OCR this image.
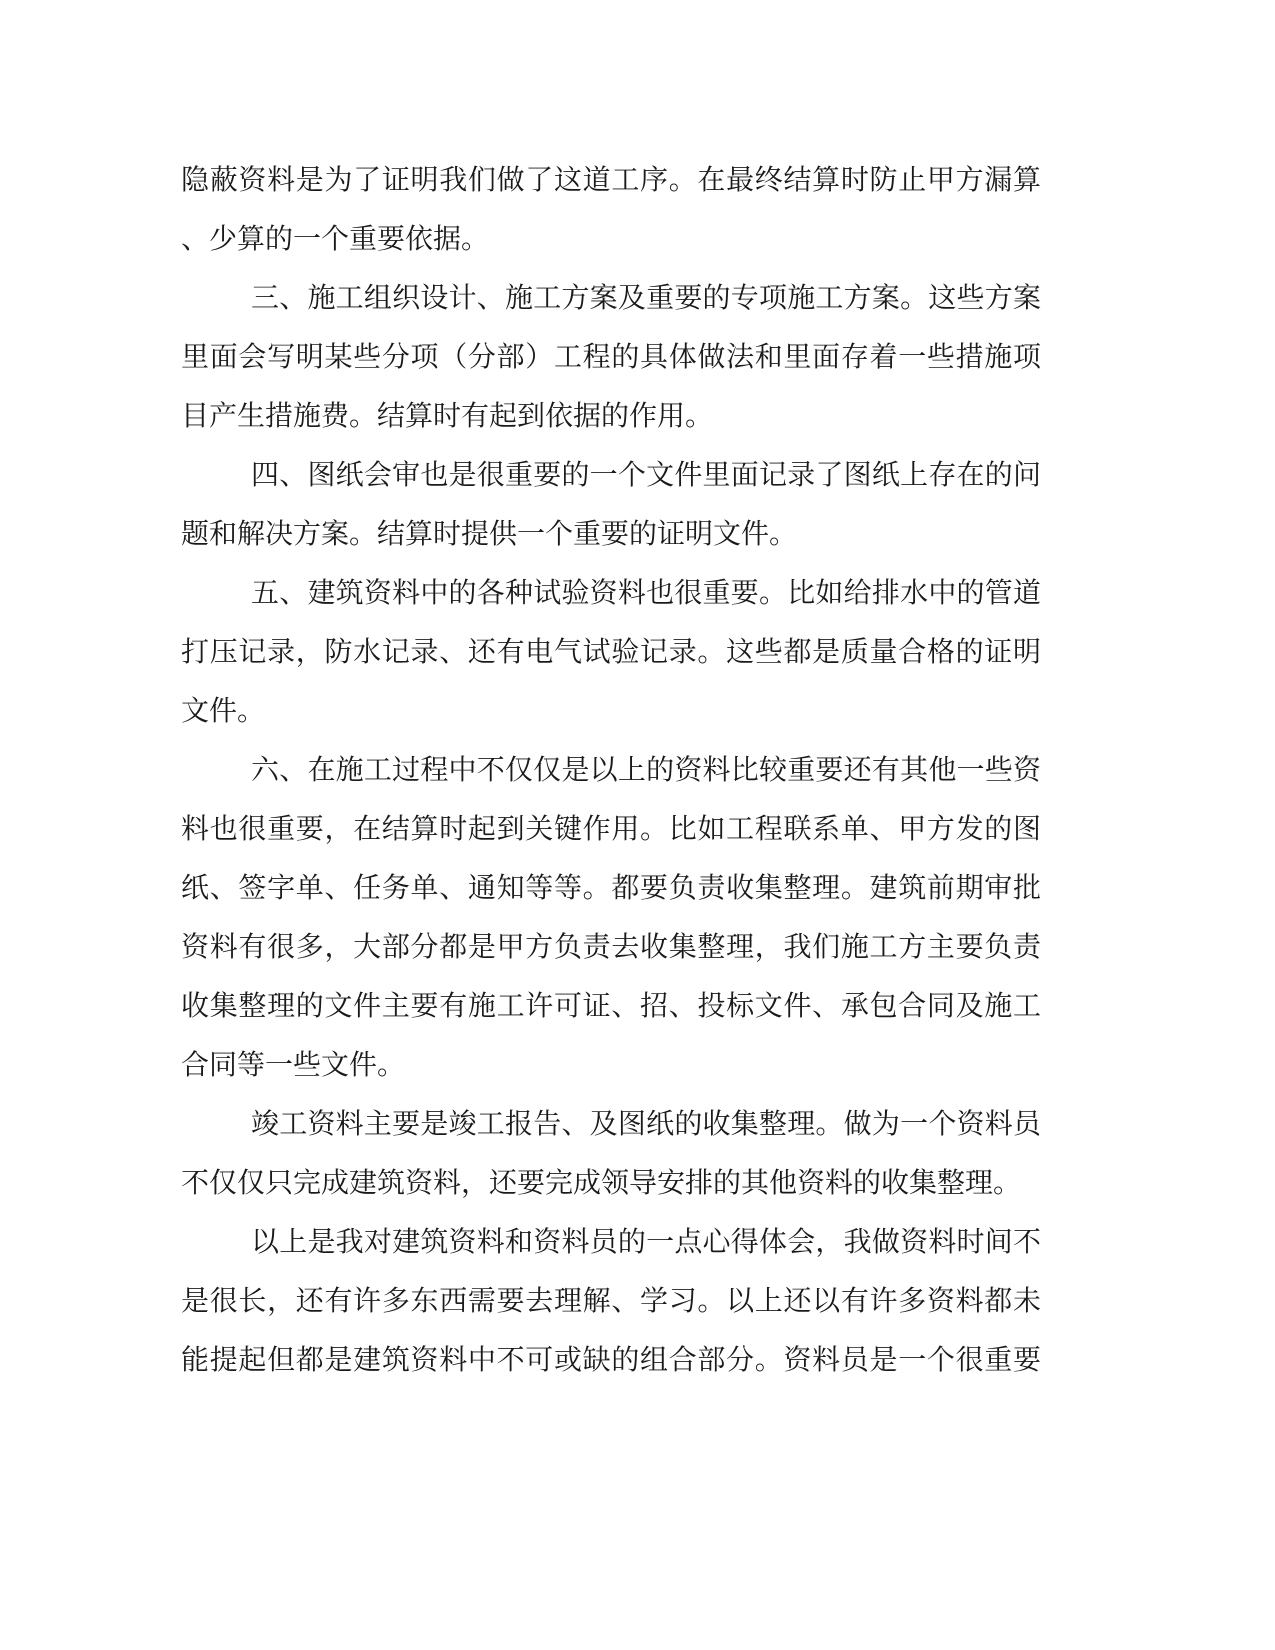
隐蔽资料是为了证明我们做了这道工序。在最终结算时防止甲方漏算
、少算的一个重要依据。
三、施工组织设计、施工方案及重要的专项施工方案。这些方案
里面会写明某些分项（分部）工程的具体做法和里面存着一些措施项
目产生措施费。结算时有起到依据的作用。
四、图纸会审也是很重要的一个文件里面记录了图纸上存在的问
题和解决方案。结算时提供一个重要的证明文件。
五、建筑资料中的各种试验资料也很重要。比如给排水中的管道
打压记录，防水记录、还有电气试验记录。这些都是质量合格的证明
文件。
六、在施工过程中不仅仅是以上的资料比较重要还有其他一些资
料也很重要，在结算时起到关键作用。比如工程联系单、甲方发的图
纸、签字单、任务单、通知等等。都要负责收集整理。建筑前期审批
资料有很多，大部分都是甲方负责去收集整理，我们施工方主要负责
收集整理的文件主要有施工许可证、招、投标文件、承包合同及施工
合同等一些文件。
竣工资料主要是竣工报告、及图纸的收集整理。做为一个资料员
不仅仅只完成建筑资料，还要完成领导安排的其他资料的收集整理。
以上是我对建筑资料和资料员的一点心得体会，我做资料时间不
是很长，还有许多东西需要去理解、学习。以上还以有许多资料都未
能提起但都是建筑资料中不可或缺的组合部分。资料员是一个很重要
